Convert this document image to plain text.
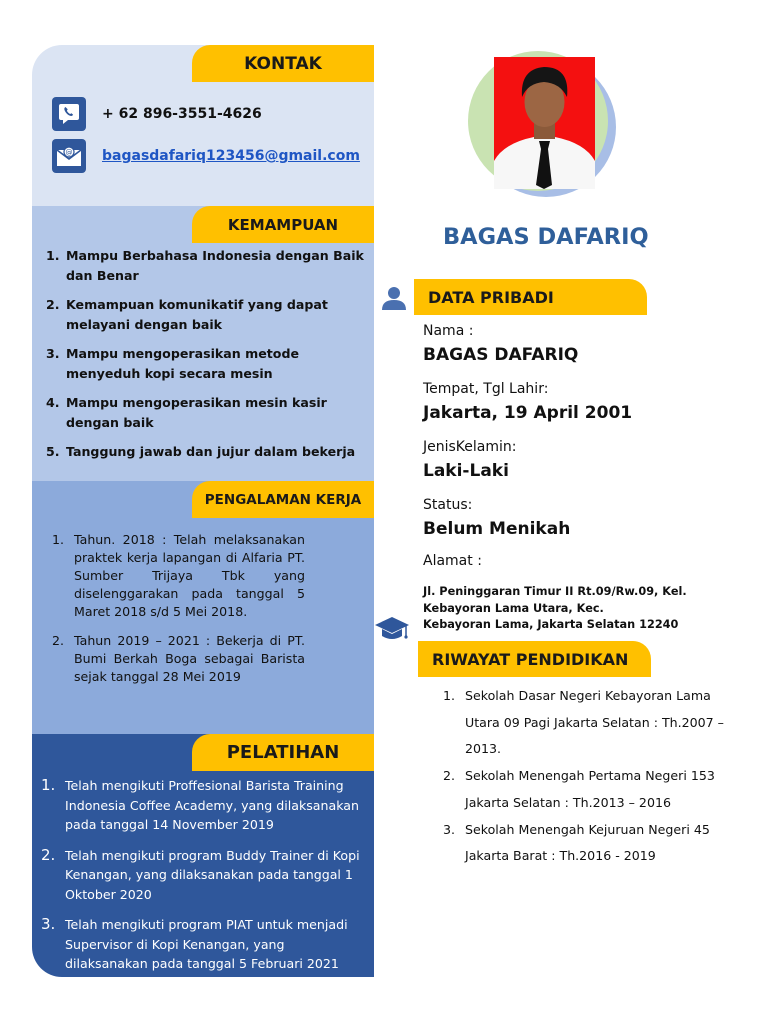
KONTAK
+ 62 896-3551-4626
@ bagasdafariq123456@gmail.com
KEMAMPUAN
Mampu Berbahasa Indonesia dengan Baik dan Benar
Kemampuan komunikatif yang dapat melayani dengan baik
Mampu mengoperasikan metode menyeduh kopi secara mesin
Mampu mengoperasikan mesin kasir dengan baik
Tanggung jawab dan jujur dalam bekerja
PENGALAMAN KERJA
Tahun. 2018 : Telah melaksanakan praktek kerja lapangan di Alfaria PT. Sumber Trijaya Tbk yang diselenggarakan pada tanggal 5 Maret 2018 s/d 5 Mei 2018.
Tahun 2019 – 2021 : Bekerja di PT. Bumi Berkah Boga sebagai Barista sejak tanggal 28 Mei 2019
PELATIHAN
Telah mengikuti Proffesional Barista Training Indonesia Coffee Academy, yang dilaksanakan pada tanggal 14 November 2019
Telah mengikuti program Buddy Trainer di Kopi Kenangan, yang dilaksanakan pada tanggal 1 Oktober 2020
Telah mengikuti program PIAT untuk menjadi Supervisor di Kopi Kenangan, yang dilaksanakan pada tanggal 5 Februari 2021
BAGAS DAFARIQ
DATA PRIBADI
Nama :
BAGAS DAFARIQ
Tempat, Tgl Lahir:
Jakarta, 19 April 2001
JenisKelamin:
Laki-Laki
Status:
Belum Menikah
Alamat :
Jl. Peninggaran Timur II Rt.09/Rw.09, Kel.
Kebayoran Lama Utara, Kec.
Kebayoran Lama, Jakarta Selatan 12240
RIWAYAT PENDIDIKAN
Sekolah Dasar Negeri Kebayoran Lama Utara 09 Pagi Jakarta Selatan : Th.2007 – 2013.
Sekolah Menengah Pertama Negeri 153 Jakarta Selatan : Th.2013 – 2016
Sekolah Menengah Kejuruan Negeri 45 Jakarta Barat : Th.2016 - 2019
